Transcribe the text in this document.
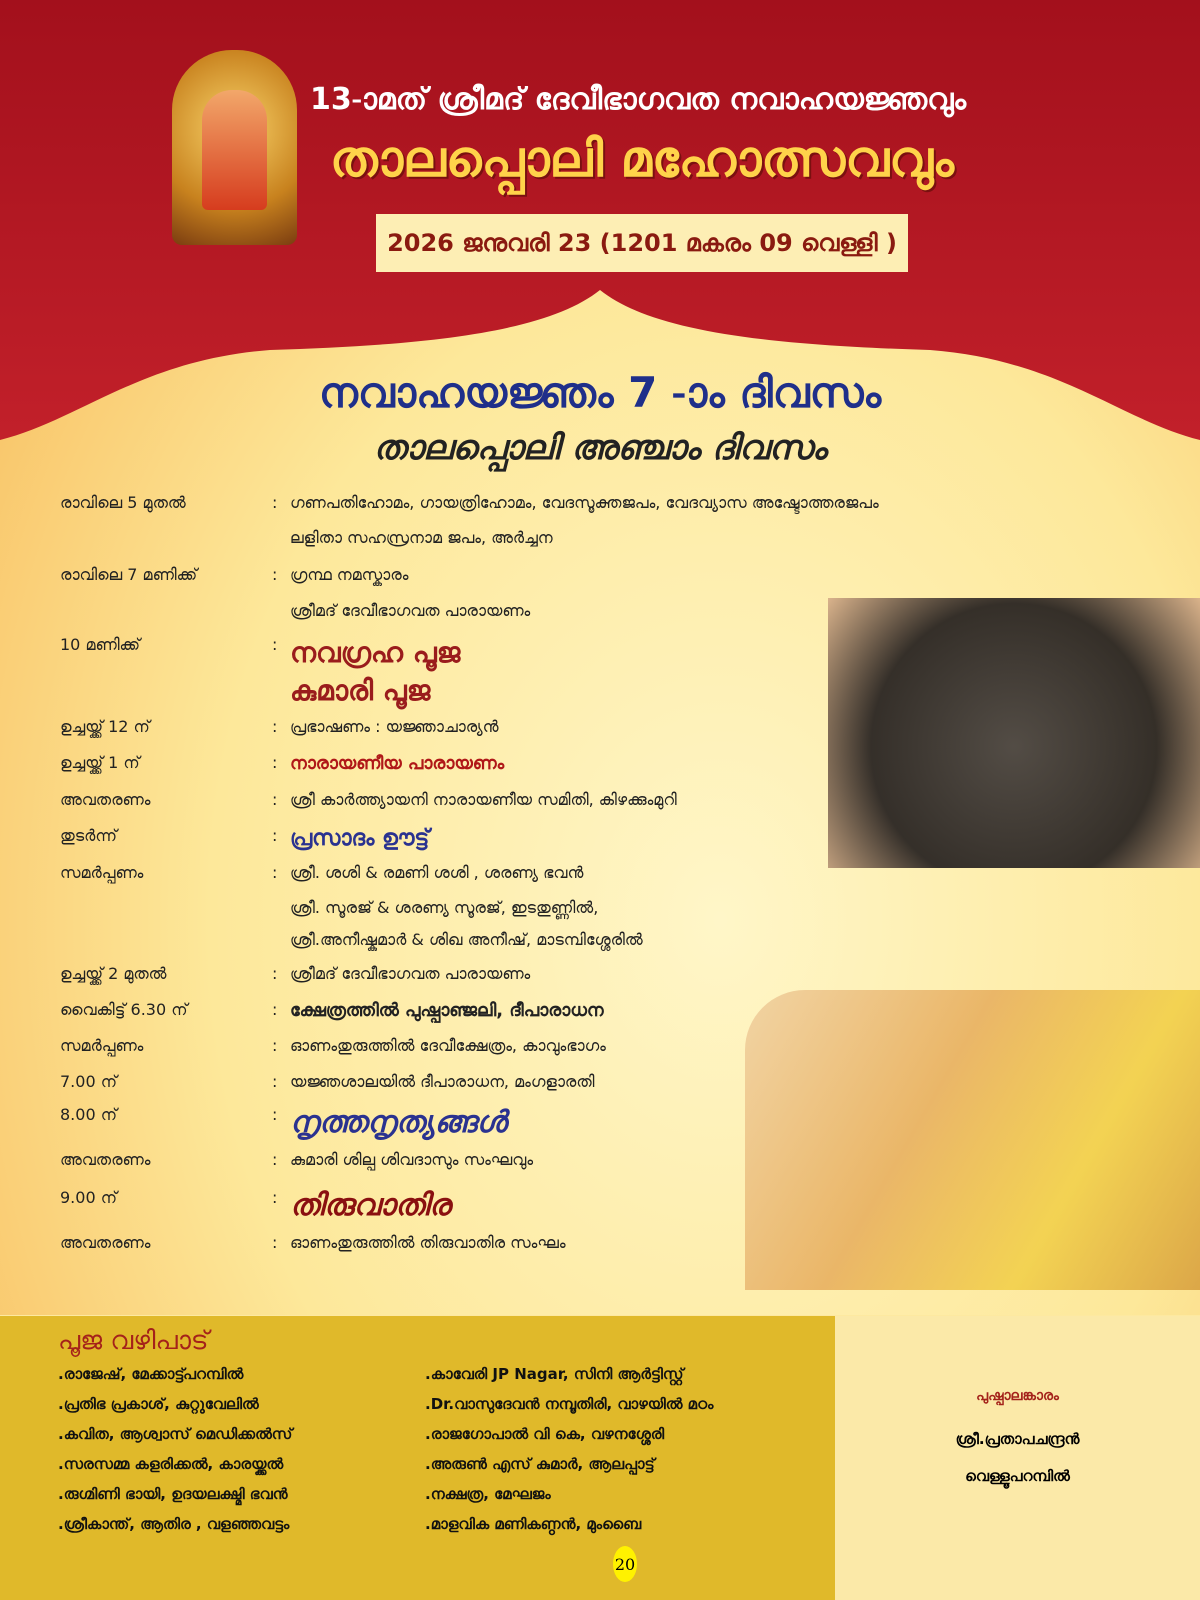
13-ാമത് ശ്രീമദ് ദേവീഭാഗവത നവാഹയജ്ഞവും
താലപ്പൊലി മഹോത്സവവും
2026 ജനുവരി 23 (1201 മകരം 09 വെള്ളി )
നവാഹയജ്ഞം 7 -ാം ദിവസം
താലപ്പൊലി അഞ്ചാം ദിവസം
രാവിലെ 5 മുതൽ	: ഗണപതിഹോമം, ഗായത്രിഹോമം, വേദസൂക്തജപം, വേദവ്യാസ അഷ്ടോത്തരജപം
ലളിതാ സഹസ്രനാമ ജപം, അർച്ചന
രാവിലെ 7 മണിക്ക്	: ഗ്രന്ഥ നമസ്കാരം
ശ്രീമദ് ദേവീഭാഗവത പാരായണം
10 മണിക്ക്	: നവഗ്രഹ പൂജ
കുമാരി പൂജ
ഉച്ചയ്ക്ക് 12 ന്	: പ്രഭാഷണം : യജ്ഞാചാര്യൻ
ഉച്ചയ്ക്ക് 1 ന്	: നാരായണീയ പാരായണം
അവതരണം	: ശ്രീ കാർത്ത്യായനി നാരായണീയ സമിതി, കിഴക്കുംമുറി
തുടർന്ന്	: പ്രസാദം ഊട്ട്
സമർപ്പണം	: ശ്രീ. ശശി & രമണി ശശി , ശരണ്യ ഭവൻ
ശ്രീ. സൂരജ് & ശരണ്യ സൂരജ്, ഇടതുണ്ണിൽ,
ശ്രീ.അനീഷ്കുമാർ & ശിഖ അനീഷ്, മാടമ്പിശ്ശേരിൽ
ഉച്ചയ്ക്ക് 2 മുതൽ	: ശ്രീമദ് ദേവീഭാഗവത പാരായണം
വൈകിട്ട് 6.30 ന്	: ക്ഷേത്രത്തിൽ പുഷ്പാഞ്ജലി, ദീപാരാധന
സമർപ്പണം	: ഓണംതുരുത്തിൽ ദേവീക്ഷേത്രം, കാവുംഭാഗം
7.00 ന്	: യജ്ഞശാലയിൽ ദീപാരാധന, മംഗളാരതി
8.00 ന്	: നൃത്തനൃത്യങ്ങൾ
അവതരണം	: കുമാരി ശില്പ ശിവദാസും സംഘവും
9.00 ന്	: തിരുവാതിര
അവതരണം	: ഓണംതുരുത്തിൽ തിരുവാതിര സംഘം
പൂജ വഴിപാട്
.രാജേഷ്, മേക്കാട്ട്പറമ്പിൽ
.പ്രതിഭ പ്രകാശ്, കുറ്റുവേലിൽ
.കവിത, ആശ്വാസ് മെഡിക്കൽസ്
.സരസമ്മ കളരിക്കൽ, കാരയ്ക്കൽ
.രുഗ്മിണി ഭായി, ഉദയലക്ഷ്മി ഭവൻ
.ശ്രീകാന്ത്, ആതിര , വളഞ്ഞവട്ടം
.കാവേരി JP Nagar, സിനി ആർട്ടിസ്റ്റ്
.Dr.വാസുദേവൻ നമ്പൂതിരി, വാഴയിൽ മഠം
.രാജഗോപാൽ വി കെ, വഴനശ്ശേരി
.അരുൺ എസ് കുമാർ, ആലപ്പാട്ട്
.നക്ഷത്ര, മേഘജം
.മാളവിക മണികണ്ഠൻ, മുംബൈ
20
പുഷ്പാലങ്കാരം
ശ്രീ.പ്രതാപചന്ദ്രൻ
വെള്ളൂപറമ്പിൽ
